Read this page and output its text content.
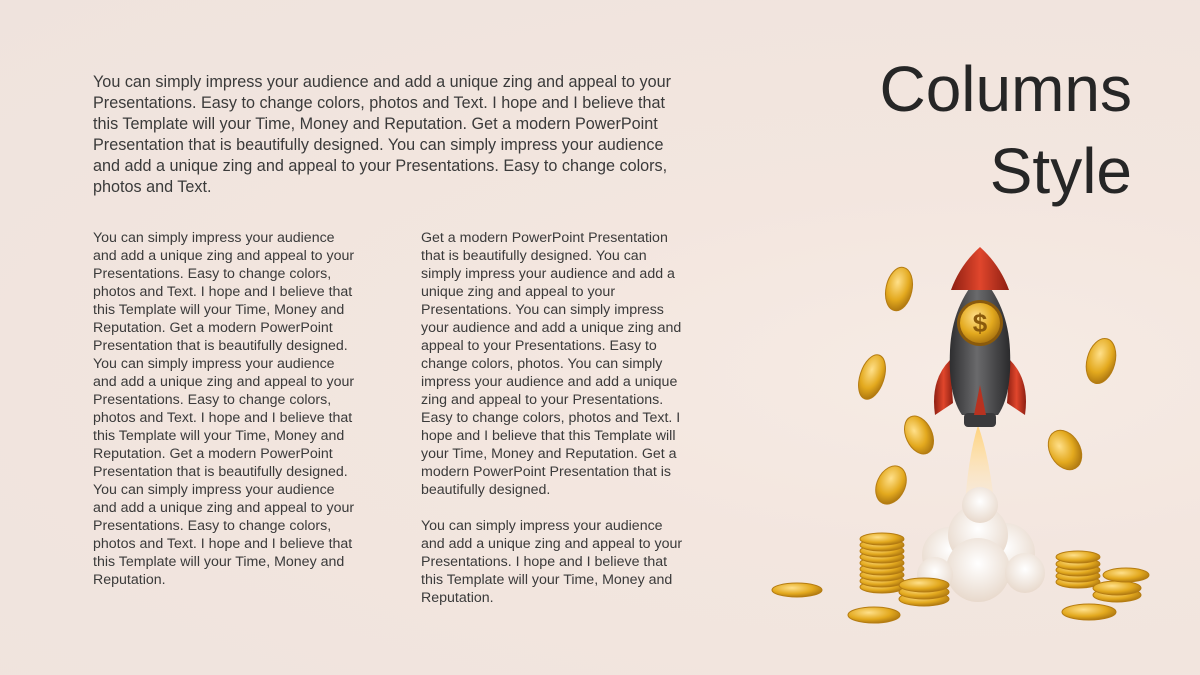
Columns
Style

You can simply impress your audience and add a unique zing and appeal to your Presentations. Easy to change colors, photos and Text. I hope and I believe that this Template will your Time, Money and Reputation. Get a modern PowerPoint Presentation that is beautifully designed. You can simply impress your audience and add a unique zing and appeal to your Presentations. Easy to change colors, photos and Text.

You can simply impress your audience and add a unique zing and appeal to your Presentations. Easy to change colors, photos and Text. I hope and I believe that this Template will your Time, Money and Reputation. Get a modern PowerPoint Presentation that is beautifully designed. You can simply impress your audience and add a unique zing and appeal to your Presentations. Easy to change colors, photos and Text. I hope and I believe that this Template will your Time, Money and Reputation. Get a modern PowerPoint Presentation that is beautifully designed. You can simply impress your audience and add a unique zing and appeal to your Presentations. Easy to change colors, photos and Text. I hope and I believe that this Template will your Time, Money and Reputation.

Get a modern PowerPoint Presentation that is beautifully designed. You can simply impress your audience and add a unique zing and appeal to your Presentations. You can simply impress your audience and add a unique zing and appeal to your Presentations. Easy to change colors, photos. You can simply impress your audience and add a unique zing and appeal to your Presentations. Easy to change colors, photos and Text. I hope and I believe that this Template will your Time, Money and Reputation. Get a modern PowerPoint Presentation that is beautifully designed.

You can simply impress your audience and add a unique zing and appeal to your Presentations. I hope and I believe that this Template will your Time, Money and Reputation.

$
